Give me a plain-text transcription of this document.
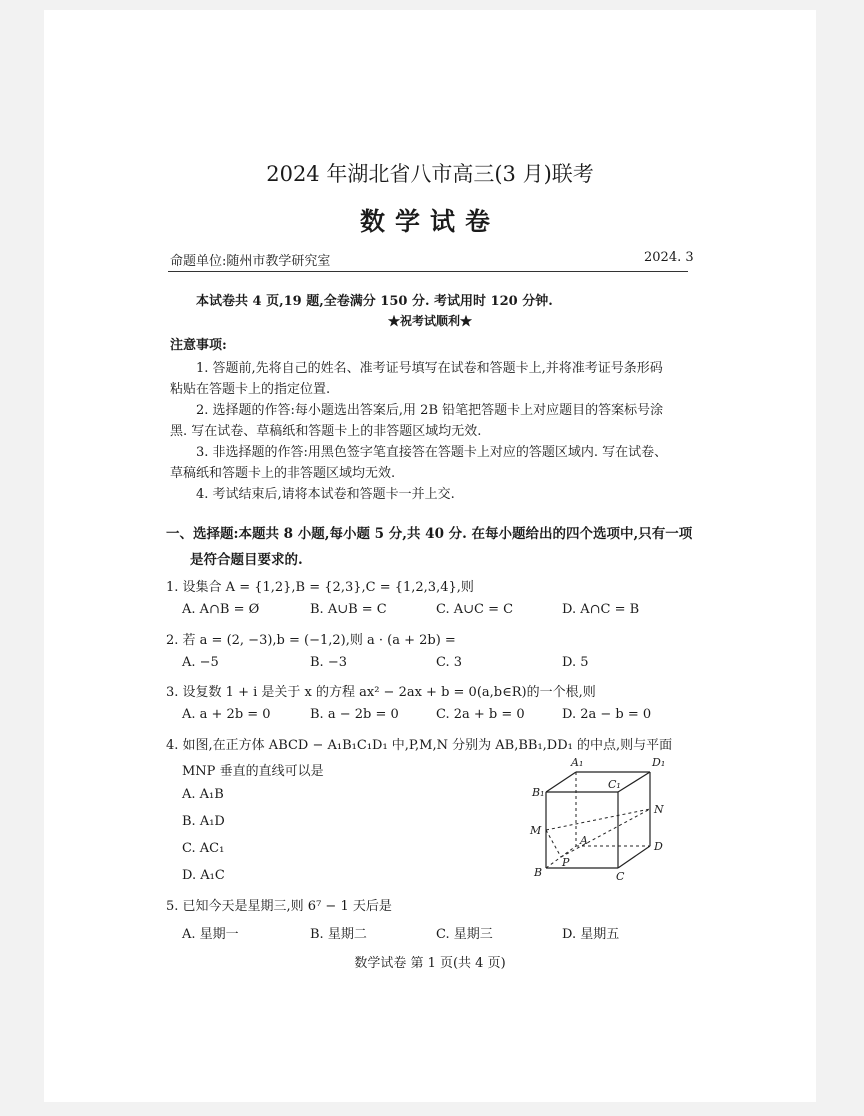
2024 年湖北省八市高三(3 月)联考
数学试卷
命题单位:随州市教学研究室	2024. 3
本试卷共 4 页,19 题,全卷满分 150 分. 考试用时 120 分钟.
★祝考试顺利★
注意事项:
1. 答题前,先将自己的姓名、准考证号填写在试卷和答题卡上,并将准考证号条形码
粘贴在答题卡上的指定位置.
2. 选择题的作答:每小题选出答案后,用 2B 铅笔把答题卡上对应题目的答案标号涂
黑. 写在试卷、草稿纸和答题卡上的非答题区域均无效.
3. 非选择题的作答:用黑色签字笔直接答在答题卡上对应的答题区域内. 写在试卷、
草稿纸和答题卡上的非答题区域均无效.
4. 考试结束后,请将本试卷和答题卡一并上交.
一、选择题:本题共 8 小题,每小题 5 分,共 40 分. 在每小题给出的四个选项中,只有一项
是符合题目要求的.
1. 设集合 A = {1,2},B = {2,3},C = {1,2,3,4},则
A. A∩B = Ø	B. A∪B = C	C. A∪C = C	D. A∩C = B
2. 若 a = (2, −3),b = (−1,2),则 a · (a + 2b) =
A. −5	B. −3	C. 3	D. 5
3. 设复数 1 + i 是关于 x 的方程 ax² − 2ax + b = 0(a,b∈R)的一个根,则
A. a + 2b = 0	B. a − 2b = 0	C. 2a + b = 0	D. 2a − b = 0
4. 如图,在正方体 ABCD − A₁B₁C₁D₁ 中,P,M,N 分别为 AB,BB₁,DD₁ 的中点,则与平面
MNP 垂直的直线可以是
A. A₁B
B. A₁D
C. AC₁
D. A₁C
A₁	D₁
B₁
C₁
N
M
A	D
P
B	C
5. 已知今天是星期三,则 6⁷ − 1 天后是
A. 星期一	B. 星期二	C. 星期三	D. 星期五
数学试卷 第 1 页(共 4 页)
